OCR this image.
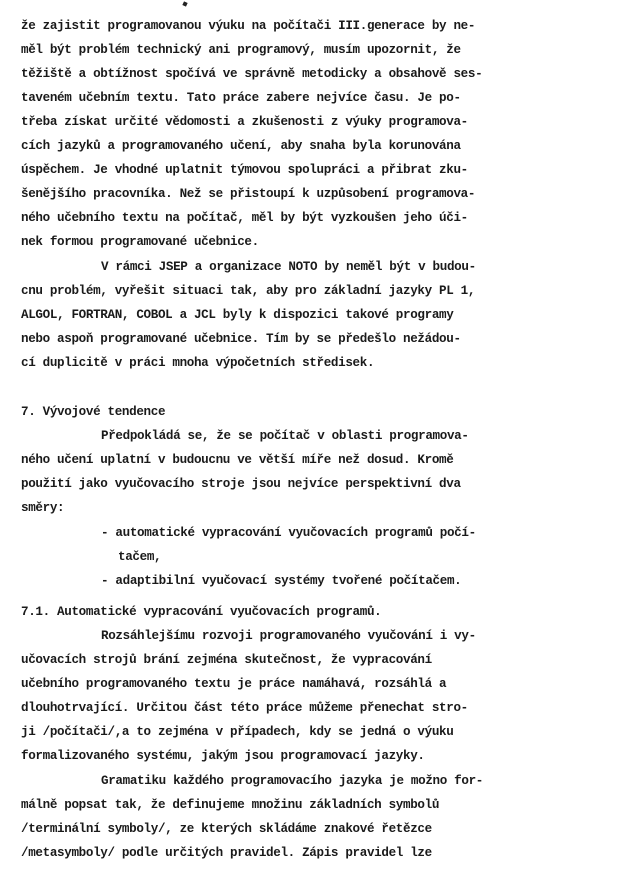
že zajistit programovanou výuku na počítači III.generace by ne-
měl být problém technický ani programový, musím upozornit, že
těžiště a obtížnost spočívá ve správně metodicky a obsahově ses-
taveném učebním textu. Tato práce zabere nejvíce času. Je po-
třeba získat určité vědomosti a zkušenosti z výuky programova-
cích jazyků a programovaného učení, aby snaha byla korunována
úspěchem. Je vhodné uplatnit týmovou spolupráci a přibrat zku-
šenějšího pracovníka. Než se přistoupí k uzpůsobení programova-
ného učebního textu na počítač, měl by být vyzkoušen jeho úči-
nek formou programované učebnice.
V rámci JSEP a organizace NOTO by neměl být v budou-
cnu problém, vyřešit situaci tak, aby pro základní jazyky PL 1,
ALGOL, FORTRAN, COBOL a JCL byly k dispozici takové programy
nebo aspoň programované učebnice. Tím by se předešlo nežádou-
cí duplicitě v práci mnoha výpočetních středisek.
7. Vývojové tendence
Předpokládá se, že se počítač v oblasti programova-
ného učení uplatní v budoucnu ve větší míře než dosud. Kromě
použití jako vyučovacího stroje jsou nejvíce perspektivní dva
směry:
- automatické vypracování vyučovacích programů počí-
tačem,
- adaptibilní vyučovací systémy tvořené počítačem.
7.1. Automatické vypracování vyučovacích programů.
Rozsáhlejšímu rozvoji programovaného vyučování i vy-
učovacích strojů brání zejména skutečnost, že vypracování
učebního programovaného textu je práce namáhavá, rozsáhlá a
dlouhotrvající. Určitou část této práce můžeme přenechat stro-
ji /počítači/,a to zejména v případech, kdy se jedná o výuku
formalizovaného systému, jakým jsou programovací jazyky.
Gramatiku každého programovacího jazyka je možno for-
málně popsat tak, že definujeme množinu základních symbolů
/terminální symboly/, ze kterých skládáme znakové řetězce
/metasymboly/ podle určitých pravidel. Zápis pravidel lze
